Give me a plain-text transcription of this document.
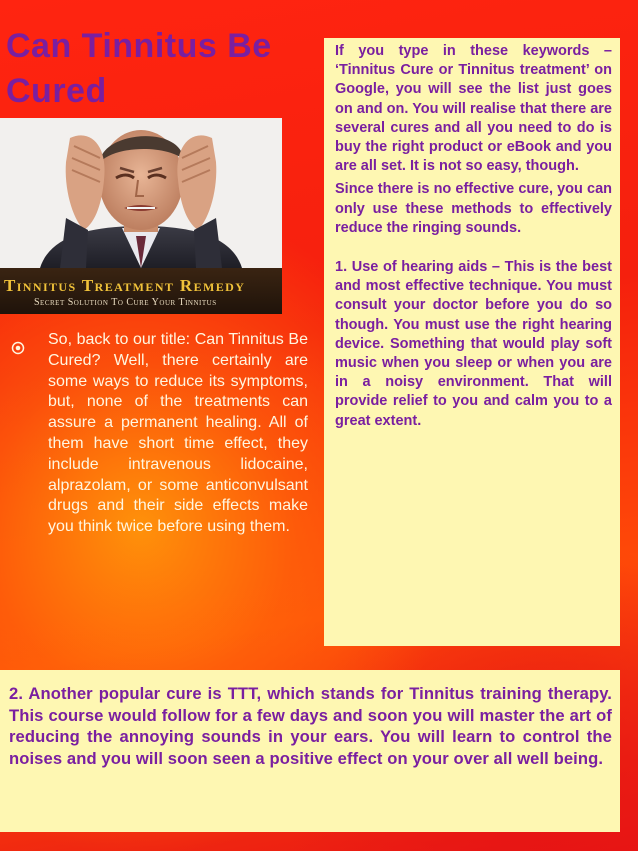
Can Tinnitus Be Cured
Tinnitus Treatment Remedy
Secret Solution To Cure Your Tinnitus

So, back to our title: Can Tinnitus Be Cured? Well, there certainly are some ways to reduce its symptoms, but, none of the treatments can assure a permanent healing. All of them have short time effect, they include intravenous lidocaine, alprazolam, or some anticonvulsant drugs and their side effects make you think twice before using them.

If you type in these keywords – ‘Tinnitus Cure or Tinnitus treatment’ on Google, you will see the list just goes on and on. You will realise that there are several cures and all you need to do is buy the right product or eBook and you are all set. It is not so easy, though.

Since there is no effective cure, you can only use these methods to effectively reduce the ringing sounds.

1. Use of hearing aids – This is the best and most effective technique. You must consult your doctor before you do so though. You must use the right hearing device. Something that would play soft music when you sleep or when you are in a noisy environment. That will provide relief to you and calm you to a great extent.

2. Another popular cure is TTT, which stands for Tinnitus training therapy. This course would follow for a few days and soon you will master the art of reducing the annoying sounds in your ears. You will learn to control the noises and you will soon seen a positive effect on your over all well being.
